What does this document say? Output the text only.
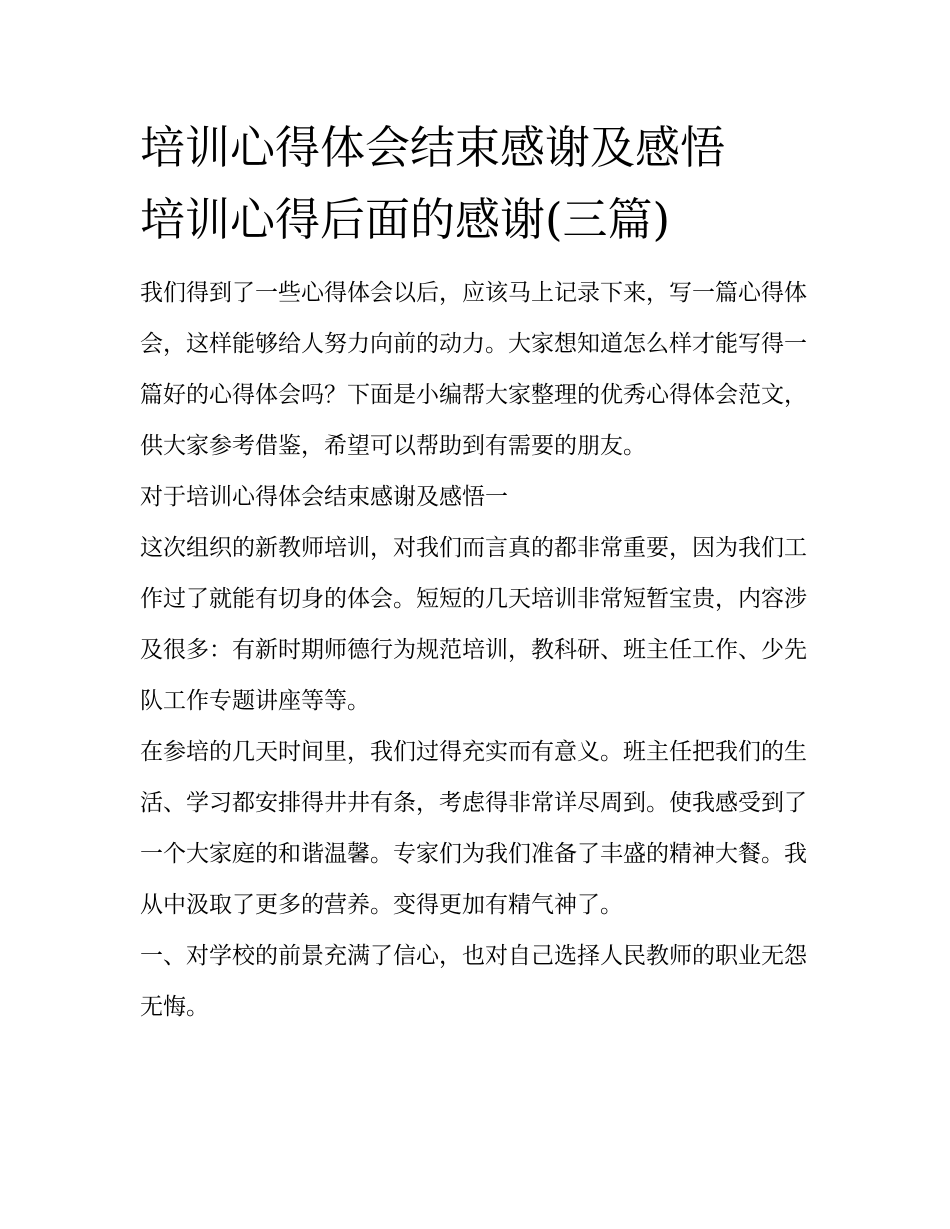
培训心得体会结束感谢及感悟
培训心得后面的感谢(三篇)

我们得到了一些心得体会以后，应该马上记录下来，写一篇心得体会，这样能够给人努力向前的动力。大家想知道怎么样才能写得一篇好的心得体会吗？下面是小编帮大家整理的优秀心得体会范文，供大家参考借鉴，希望可以帮助到有需要的朋友。

对于培训心得体会结束感谢及感悟一

这次组织的新教师培训，对我们而言真的都非常重要，因为我们工作过了就能有切身的体会。短短的几天培训非常短暂宝贵，内容涉及很多：有新时期师德行为规范培训，教科研、班主任工作、少先队工作专题讲座等等。

在参培的几天时间里，我们过得充实而有意义。班主任把我们的生活、学习都安排得井井有条，考虑得非常详尽周到。使我感受到了一个大家庭的和谐温馨。专家们为我们准备了丰盛的精神大餐。我从中汲取了更多的营养。变得更加有精气神了。

一、对学校的前景充满了信心，也对自己选择人民教师的职业无怨无悔。
